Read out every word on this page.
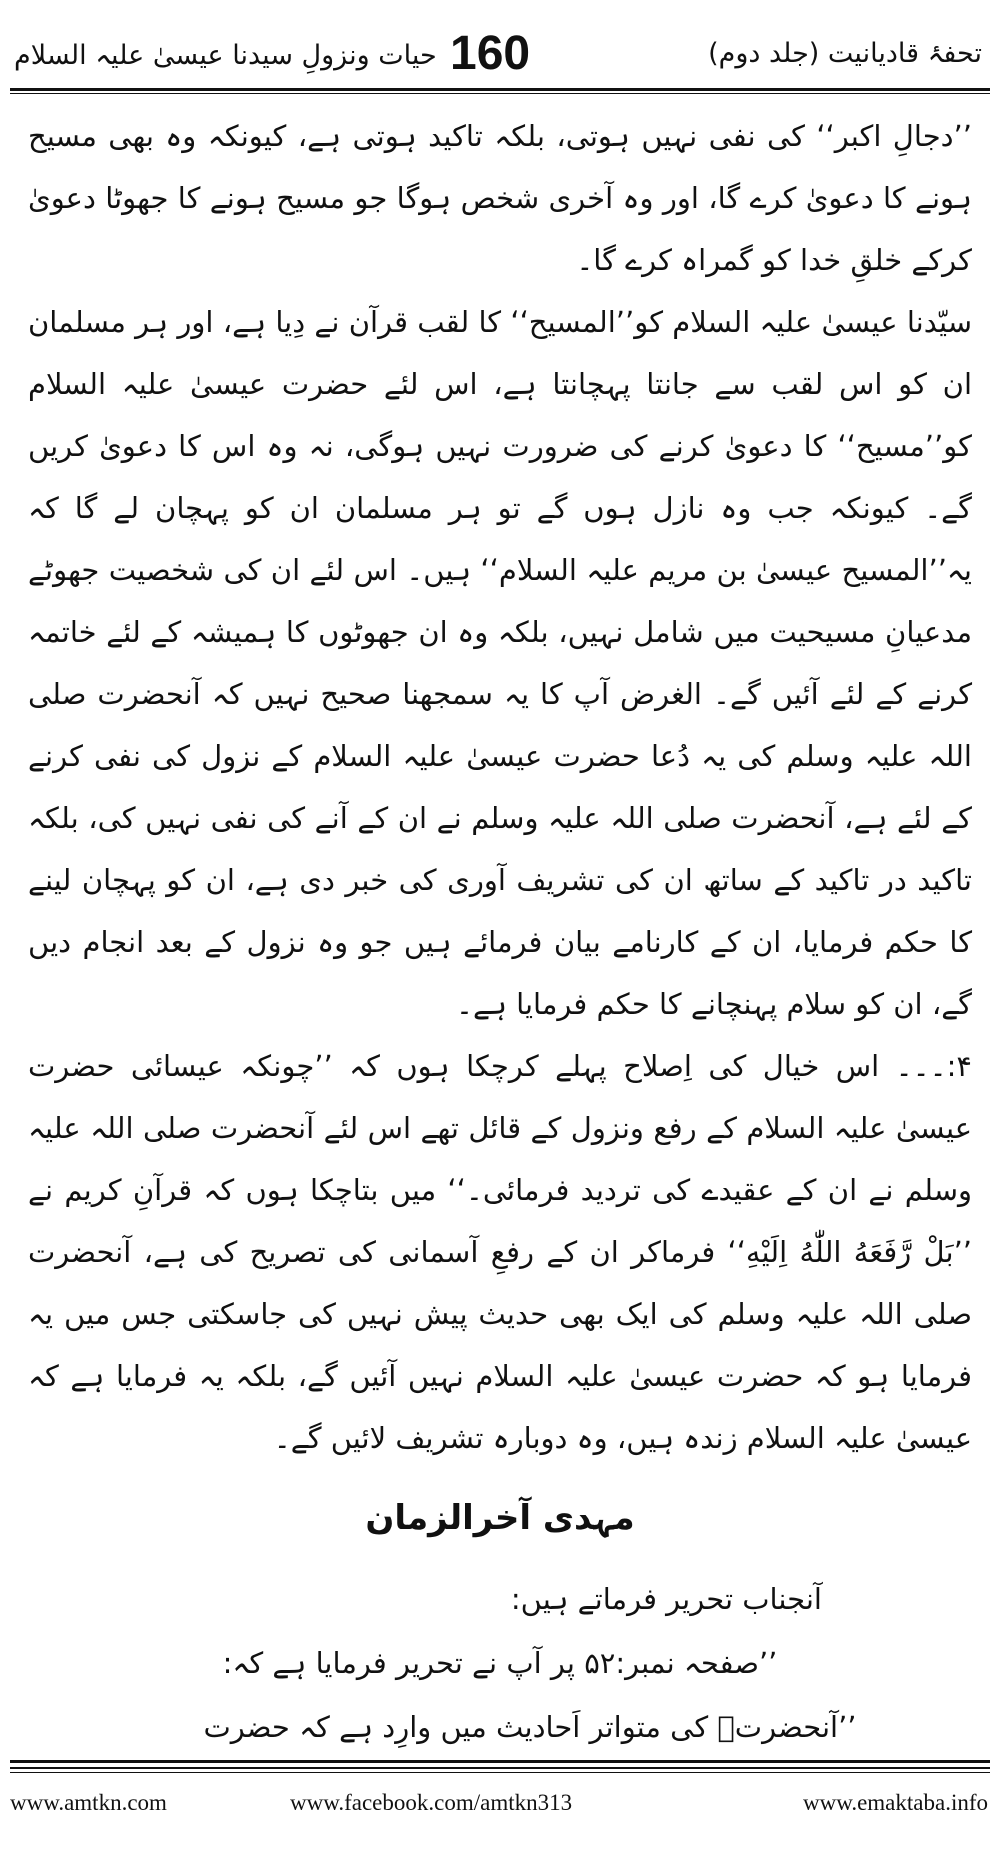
تحفۂ قادیانیت (جلد دوم)
160
حیات ونزولِ سیدنا عیسیٰ علیہ السلام

’’دجالِ اکبر‘‘ کی نفی نہیں ہوتی، بلکہ تاکید ہوتی ہے، کیونکہ وہ بھی مسیح ہونے کا دعویٰ کرے گا، اور وہ آخری شخص ہوگا جو مسیح ہونے کا جھوٹا دعویٰ کرکے خلقِ خدا کو گمراہ کرے گا۔

سیّدنا عیسیٰ علیہ السلام کو’’المسیح‘‘ کا لقب قرآن نے دِیا ہے، اور ہر مسلمان ان کو اس لقب سے جانتا پہچانتا ہے، اس لئے حضرت عیسیٰ علیہ السلام کو’’مسیح‘‘ کا دعویٰ کرنے کی ضرورت نہیں ہوگی، نہ وہ اس کا دعویٰ کریں گے۔ کیونکہ جب وہ نازل ہوں گے تو ہر مسلمان ان کو پہچان لے گا کہ یہ’’المسیح عیسیٰ بن مریم علیہ السلام‘‘ ہیں۔ اس لئے ان کی شخصیت جھوٹے مدعیانِ مسیحیت میں شامل نہیں، بلکہ وہ ان جھوٹوں کا ہمیشہ کے لئے خاتمہ کرنے کے لئے آئیں گے۔ الغرض آپ کا یہ سمجھنا صحیح نہیں کہ آنحضرت صلی اللہ علیہ وسلم کی یہ دُعا حضرت عیسیٰ علیہ السلام کے نزول کی نفی کرنے کے لئے ہے، آنحضرت صلی اللہ علیہ وسلم نے ان کے آنے کی نفی نہیں کی، بلکہ تاکید در تاکید کے ساتھ ان کی تشریف آوری کی خبر دی ہے، ان کو پہچان لینے کا حکم فرمایا، ان کے کارنامے بیان فرمائے ہیں جو وہ نزول کے بعد انجام دیں گے، ان کو سلام پہنچانے کا حکم فرمایا ہے۔

۴:۔۔۔ اس خیال کی اِصلاح پہلے کرچکا ہوں کہ ’’چونکہ عیسائی حضرت عیسیٰ علیہ السلام کے رفع ونزول کے قائل تھے اس لئے آنحضرت صلی اللہ علیہ وسلم نے ان کے عقیدے کی تردید فرمائی۔‘‘ میں بتاچکا ہوں کہ قرآنِ کریم نے ’’بَلْ رَّفَعَهُ اللّٰهُ اِلَیْهِ‘‘ فرماکر ان کے رفعِ آسمانی کی تصریح کی ہے، آنحضرت صلی اللہ علیہ وسلم کی ایک بھی حدیث پیش نہیں کی جاسکتی جس میں یہ فرمایا ہو کہ حضرت عیسیٰ علیہ السلام نہیں آئیں گے، بلکہ یہ فرمایا ہے کہ عیسیٰ علیہ السلام زندہ ہیں، وہ دوبارہ تشریف لائیں گے۔

مہدی آخرالزمان

آنجناب تحریر فرماتے ہیں:

’’صفحہ نمبر:۵۲ پر آپ نے تحریر فرمایا ہے کہ:

’’آنحضرتؐ کی متواتر اَحادیث میں وارِد ہے کہ حضرت

www.amtkn.com	www.facebook.com/amtkn313	www.emaktaba.info
